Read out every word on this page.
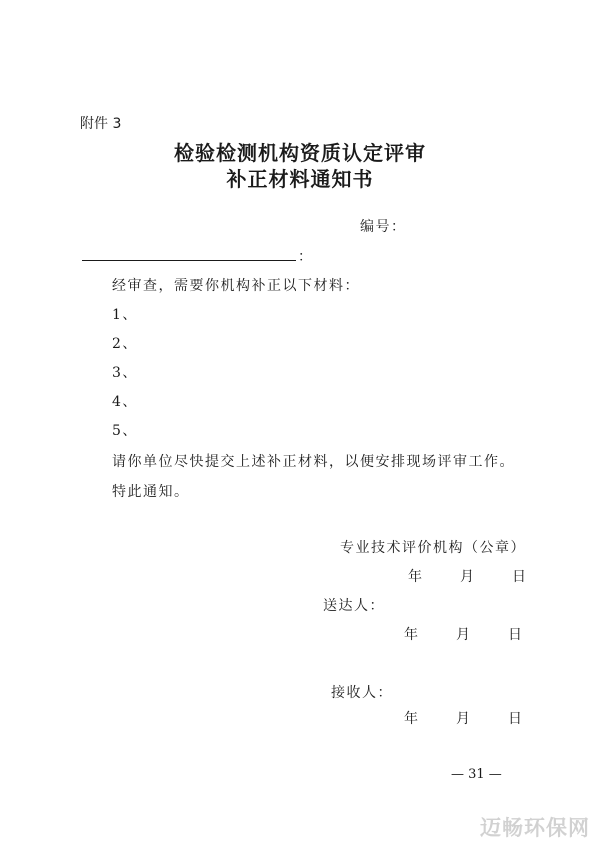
附件 3
检验检测机构资质认定评审
补正材料通知书
编号：
：
经审查，需要你机构补正以下材料：
1、
2、
3、
4、
5、
请你单位尽快提交上述补正材料，以便安排现场评审工作。
特此通知。
专业技术评价机构（公章）
年	月	日
送达人：
年	月	日
接收人：
年	月	日
— 31 —
迈畅环保网
